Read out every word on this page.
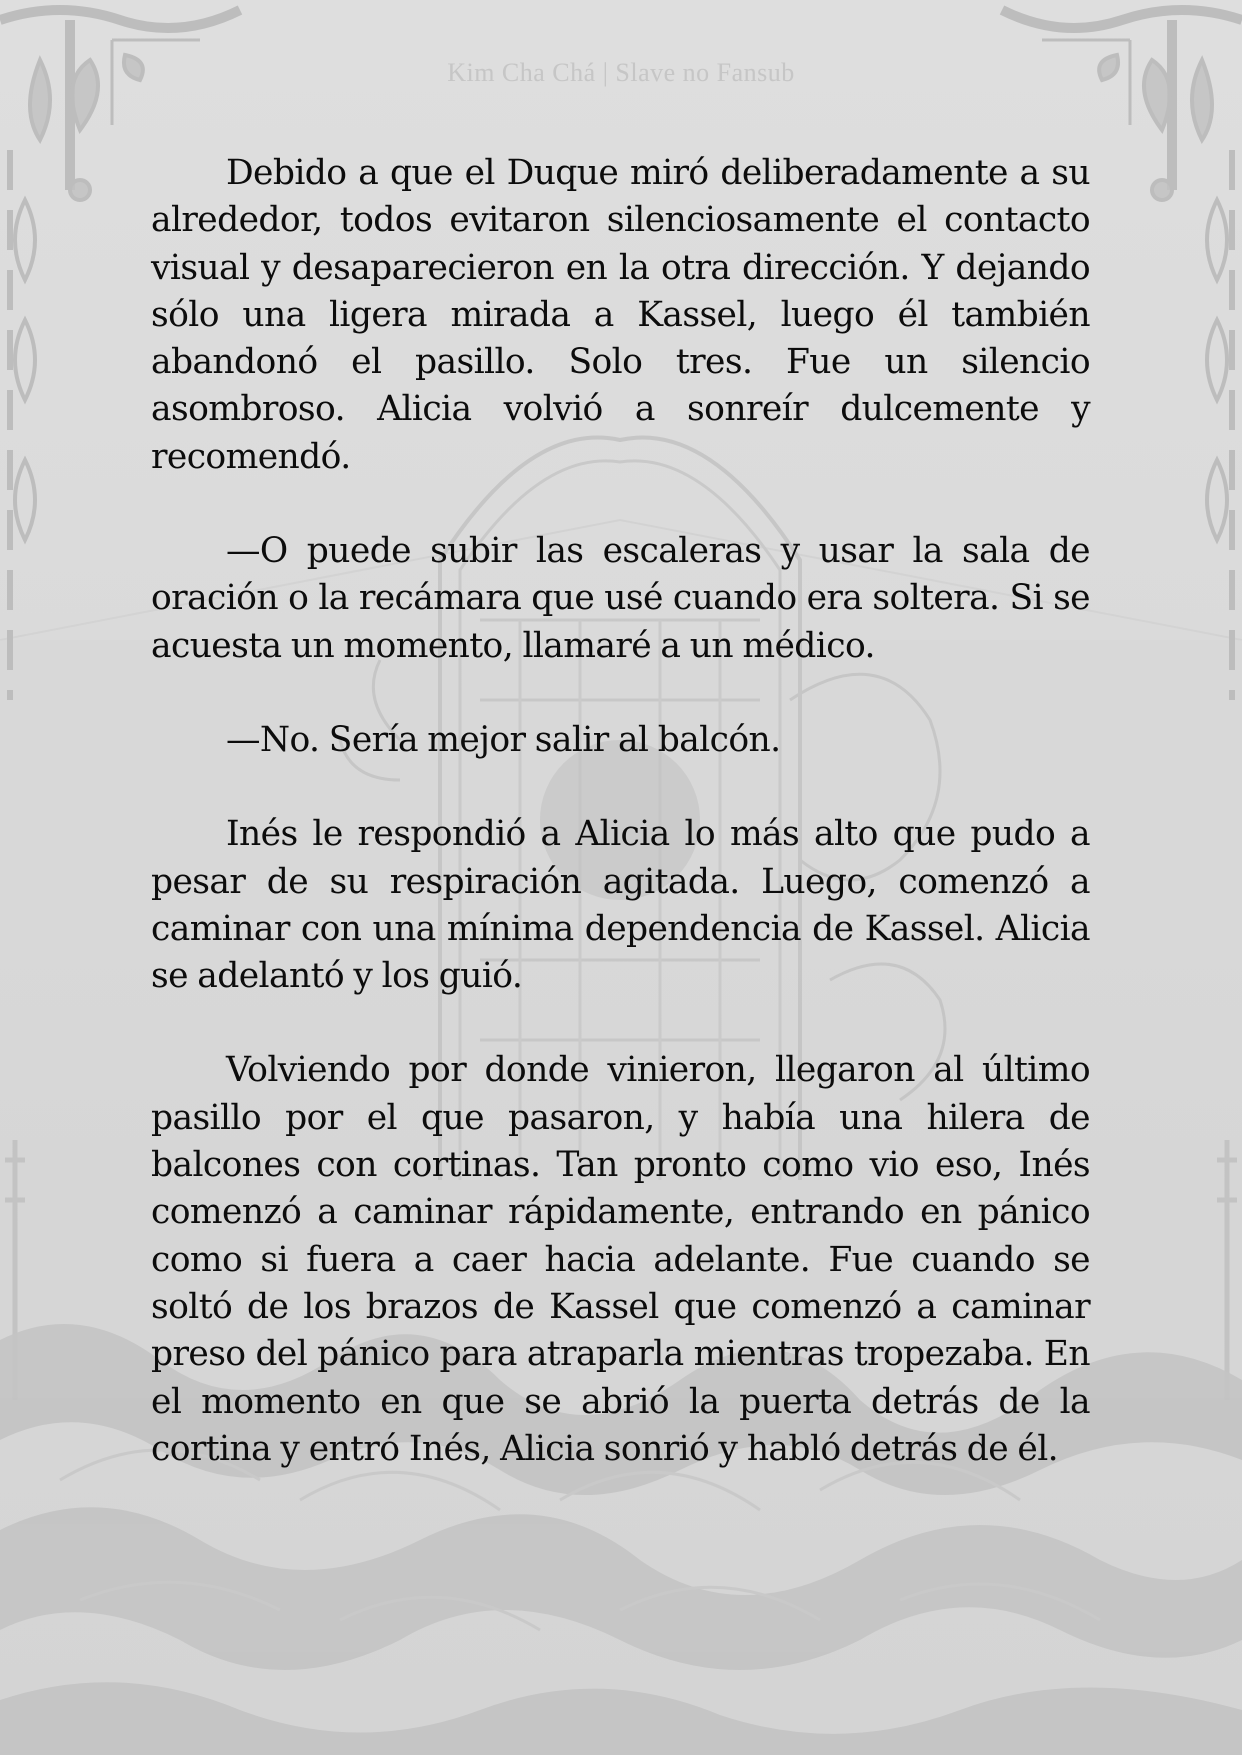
Kim Cha Chá | Slave no Fansub

Debido a que el Duque miró deliberadamente a su alrededor, todos evitaron silenciosamente el contacto visual y desaparecieron en la otra dirección. Y dejando sólo una ligera mirada a Kassel, luego él también abandonó el pasillo. Solo tres. Fue un silencio asombroso. Alicia volvió a sonreír dulcemente y recomendó.

—O puede subir las escaleras y usar la sala de oración o la recámara que usé cuando era soltera. Si se acuesta un momento, llamaré a un médico.

—No. Sería mejor salir al balcón.

Inés le respondió a Alicia lo más alto que pudo a pesar de su respiración agitada. Luego, comenzó a caminar con una mínima dependencia de Kassel. Alicia se adelantó y los guió.

Volviendo por donde vinieron, llegaron al último pasillo por el que pasaron, y había una hilera de balcones con cortinas. Tan pronto como vio eso, Inés comenzó a caminar rápidamente, entrando en pánico como si fuera a caer hacia adelante. Fue cuando se soltó de los brazos de Kassel que comenzó a caminar preso del pánico para atraparla mientras tropezaba. En el momento en que se abrió la puerta detrás de la cortina y entró Inés, Alicia sonrió y habló detrás de él.
